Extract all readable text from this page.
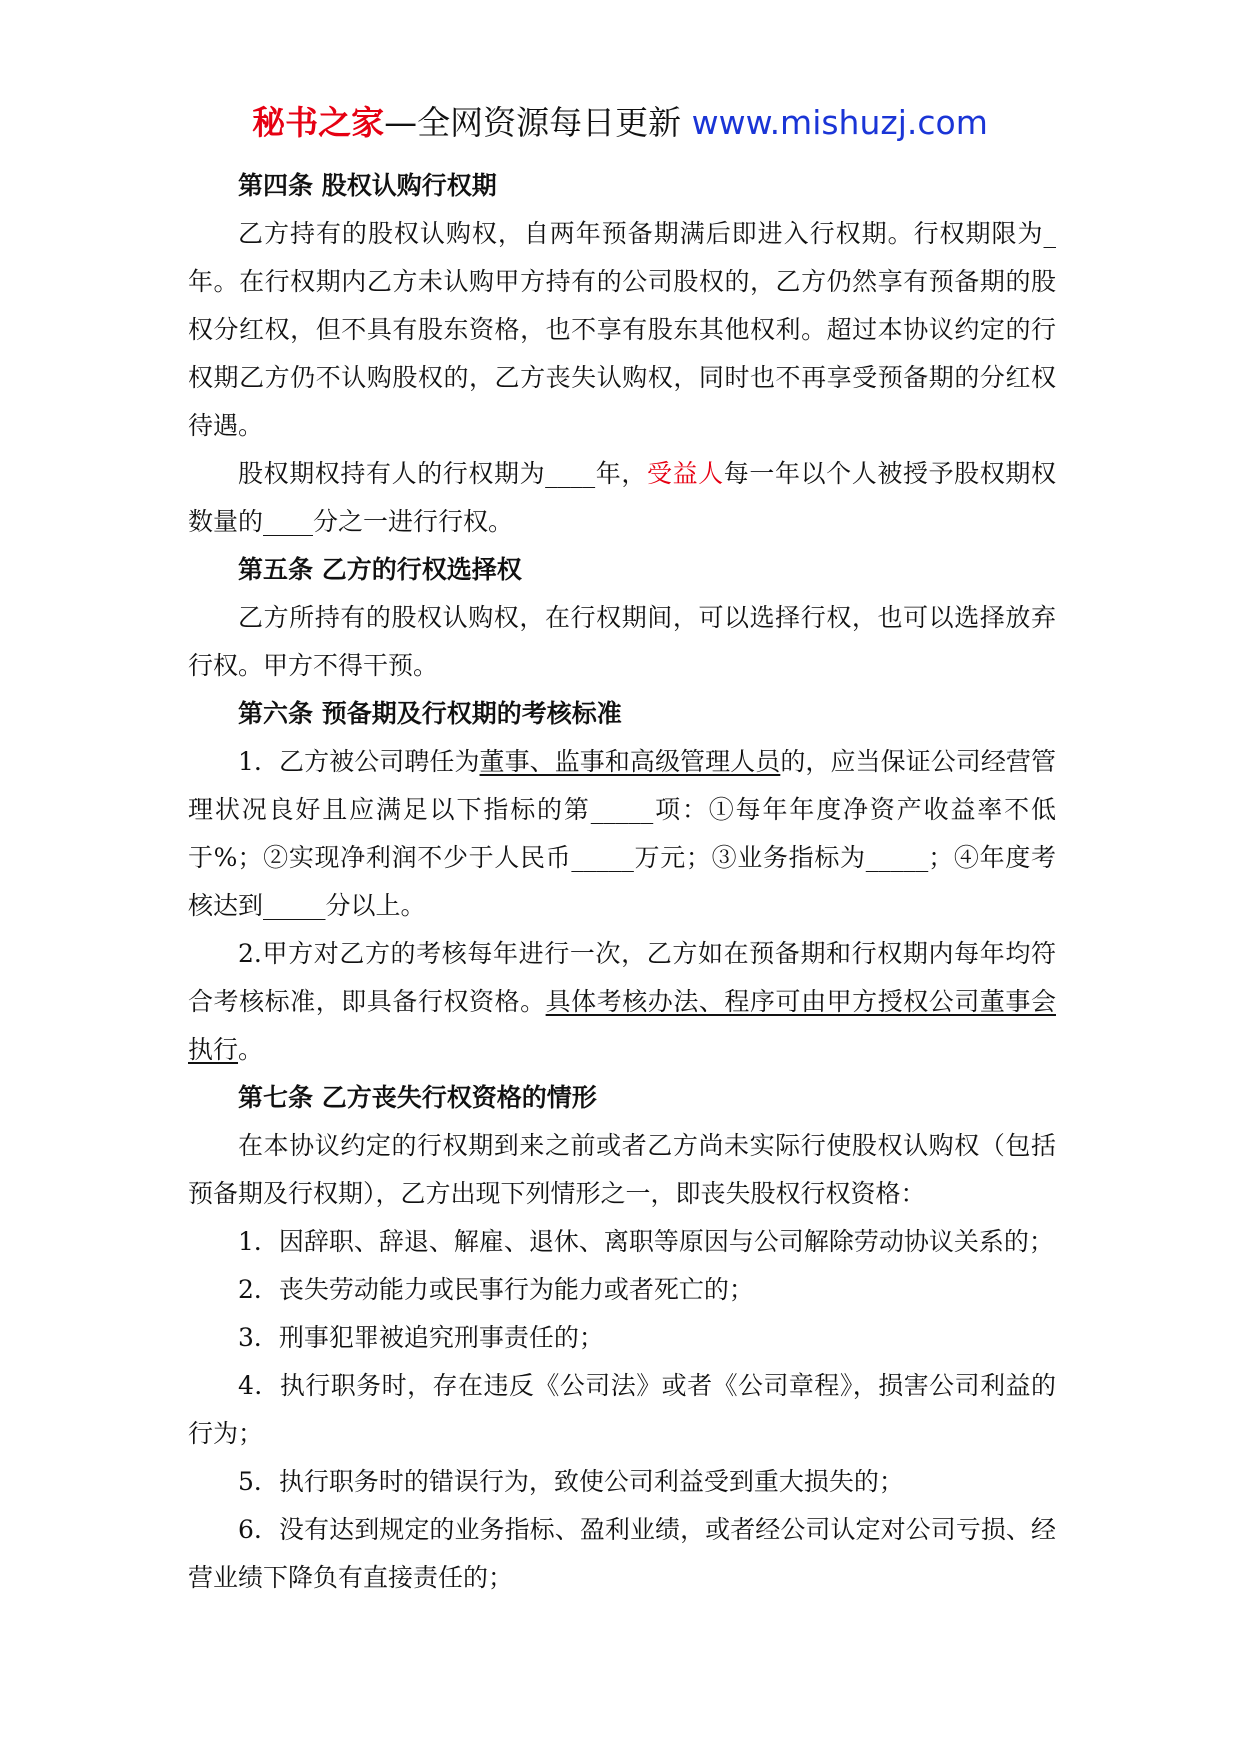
秘书之家—全网资源每日更新 www.mishuzj.com
第四条 股权认购行权期

乙方持有的股权认购权，自两年预备期满后即进入行权期。行权期限为_年。在行权期内乙方未认购甲方持有的公司股权的，乙方仍然享有预备期的股权分红权，但不具有股东资格，也不享有股东其他权利。超过本协议约定的行权期乙方仍不认购股权的，乙方丧失认购权，同时也不再享受预备期的分红权待遇。

股权期权持有人的行权期为____年，受益人每一年以个人被授予股权期权数量的____分之一进行行权。

第五条 乙方的行权选择权

乙方所持有的股权认购权，在行权期间，可以选择行权，也可以选择放弃行权。甲方不得干预。

第六条 预备期及行权期的考核标准

1．乙方被公司聘任为董事、监事和高级管理人员的，应当保证公司经营管理状况良好且应满足以下指标的第_____项：①每年年度净资产收益率不低于%；②实现净利润不少于人民币_____万元；③业务指标为_____；④年度考核达到_____分以上。

2.甲方对乙方的考核每年进行一次，乙方如在预备期和行权期内每年均符合考核标准，即具备行权资格。具体考核办法、程序可由甲方授权公司董事会执行。

第七条 乙方丧失行权资格的情形

在本协议约定的行权期到来之前或者乙方尚未实际行使股权认购权（包括预备期及行权期），乙方出现下列情形之一，即丧失股权行权资格：

1．因辞职、辞退、解雇、退休、离职等原因与公司解除劳动协议关系的；

2．丧失劳动能力或民事行为能力或者死亡的；

3．刑事犯罪被追究刑事责任的；

4．执行职务时，存在违反《公司法》或者《公司章程》，损害公司利益的行为；

5．执行职务时的错误行为，致使公司利益受到重大损失的；

6．没有达到规定的业务指标、盈利业绩，或者经公司认定对公司亏损、经营业绩下降负有直接责任的；
